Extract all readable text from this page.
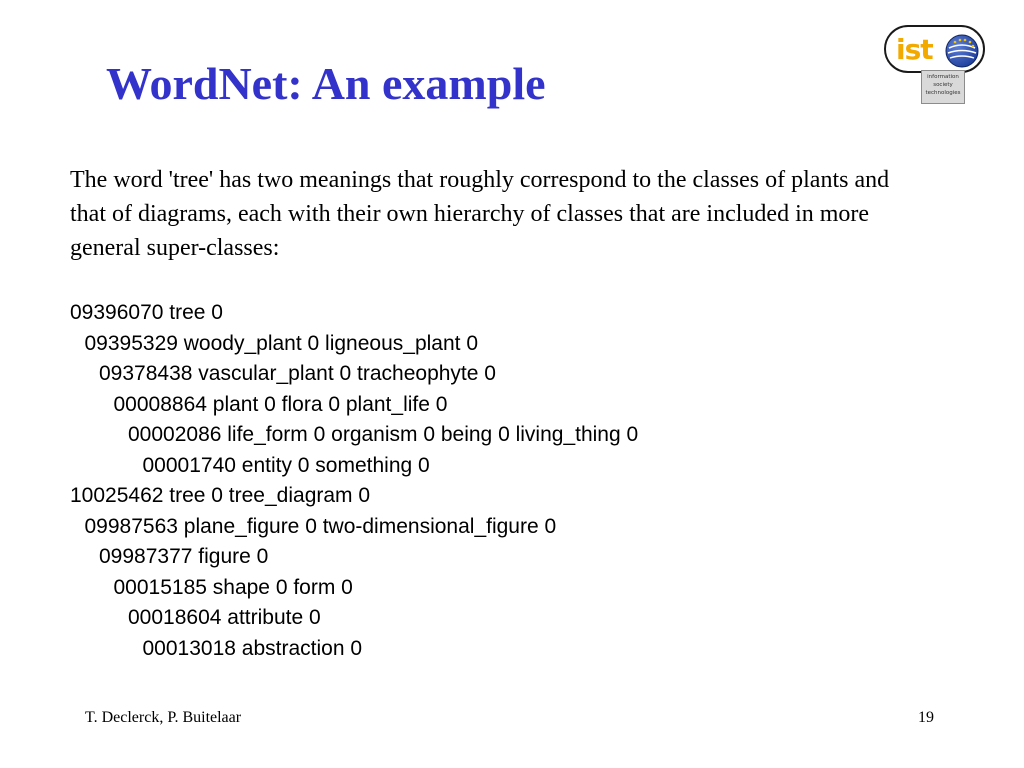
WordNet: An example
ist
information
society
technologies

The word 'tree' has two meanings that roughly correspond to the classes of plants and that of diagrams, each with their own hierarchy of classes that are included in more general super-classes:

09396070 tree 0
09395329 woody_plant 0 ligneous_plant 0
09378438 vascular_plant 0 tracheophyte 0
00008864 plant 0 flora 0 plant_life 0
00002086 life_form 0 organism 0 being 0 living_thing 0
00001740 entity 0 something 0
10025462 tree 0 tree_diagram 0
09987563 plane_figure 0 two-dimensional_figure 0
09987377 figure 0
00015185 shape 0 form 0
00018604 attribute 0
00013018 abstraction 0
T. Declerck, P. Buitelaar	19
